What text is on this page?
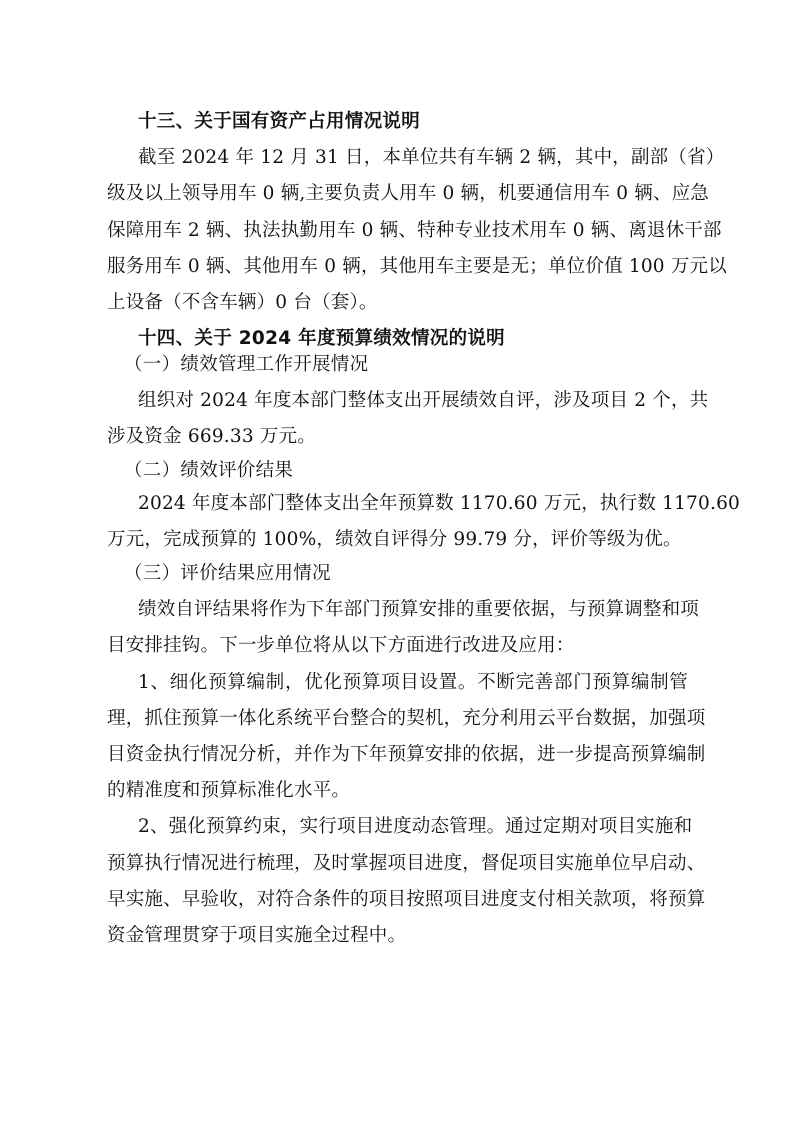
十三、关于国有资产占用情况说明
截至 2024 年 12 月 31 日，本单位共有车辆 2 辆，其中，副部（省）
级及以上领导用车 0 辆,主要负责人用车 0 辆，机要通信用车 0 辆、应急
保障用车 2 辆、执法执勤用车 0 辆、特种专业技术用车 0 辆、离退休干部
服务用车 0 辆、其他用车 0 辆，其他用车主要是无；单位价值 100 万元以
上设备（不含车辆）0 台（套）。
十四、关于 2024 年度预算绩效情况的说明
（一）绩效管理工作开展情况
组织对 2024 年度本部门整体支出开展绩效自评，涉及项目 2 个，共
涉及资金 669.33 万元。
（二）绩效评价结果
2024 年度本部门整体支出全年预算数 1170.60 万元，执行数 1170.60
万元，完成预算的 100%，绩效自评得分 99.79 分，评价等级为优。
（三）评价结果应用情况
绩效自评结果将作为下年部门预算安排的重要依据，与预算调整和项
目安排挂钩。下一步单位将从以下方面进行改进及应用：
1、细化预算编制，优化预算项目设置。不断完善部门预算编制管
理，抓住预算一体化系统平台整合的契机，充分利用云平台数据，加强项
目资金执行情况分析，并作为下年预算安排的依据，进一步提高预算编制
的精准度和预算标准化水平。
2、强化预算约束，实行项目进度动态管理。通过定期对项目实施和
预算执行情况进行梳理，及时掌握项目进度，督促项目实施单位早启动、
早实施、早验收，对符合条件的项目按照项目进度支付相关款项，将预算
资金管理贯穿于项目实施全过程中。
